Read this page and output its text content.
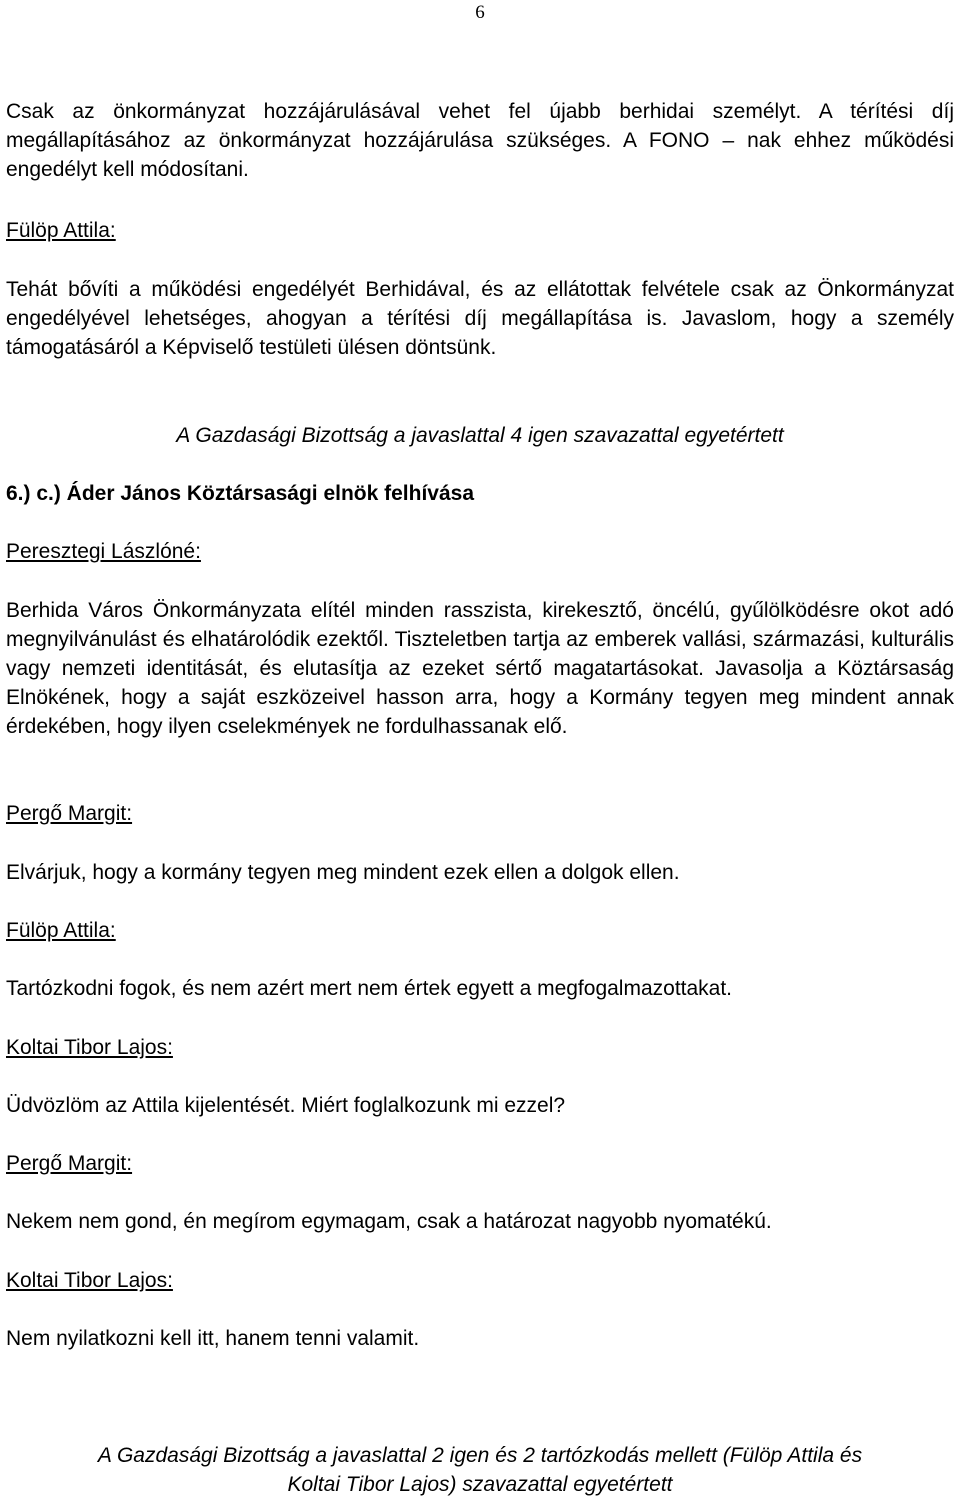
6

Csak az önkormányzat hozzájárulásával vehet fel újabb berhidai személyt. A térítési díj megállapításához az önkormányzat hozzájárulása szükséges. A FONO – nak ehhez működési engedélyt kell módosítani.

Fülöp Attila:

Tehát bővíti a működési engedélyét Berhidával, és az ellátottak felvétele csak az Önkormányzat engedélyével lehetséges, ahogyan a térítési díj megállapítása is. Javaslom, hogy a személy támogatásáról a Képviselő testületi ülésen döntsünk.

A Gazdasági Bizottság a javaslattal 4 igen szavazattal egyetértett

6.) c.) Áder János Köztársasági elnök felhívása

Peresztegi Lászlóné:

Berhida Város Önkormányzata elítél minden rasszista, kirekesztő, öncélú, gyűlölködésre okot adó megnyilvánulást és elhatárolódik ezektől. Tiszteletben tartja az emberek vallási, származási, kulturális vagy nemzeti identitását, és elutasítja az ezeket sértő magatartásokat. Javasolja a Köztársaság Elnökének, hogy a saját eszközeivel hasson arra, hogy a Kormány tegyen meg mindent annak érdekében, hogy ilyen cselekmények ne fordulhassanak elő.

Pergő Margit:

Elvárjuk, hogy a kormány tegyen meg mindent ezek ellen a dolgok ellen.

Fülöp Attila:

Tartózkodni fogok, és nem azért mert nem értek egyett a megfogalmazottakat.

Koltai Tibor Lajos:

Üdvözlöm az Attila kijelentését. Miért foglalkozunk mi ezzel?

Pergő Margit:

Nekem nem gond, én megírom egymagam, csak a határozat nagyobb nyomatékú.

Koltai Tibor Lajos:

Nem nyilatkozni kell itt, hanem tenni valamit.

A Gazdasági Bizottság a javaslattal 2 igen és 2 tartózkodás mellett (Fülöp Attila és
Koltai Tibor Lajos) szavazattal egyetértett
